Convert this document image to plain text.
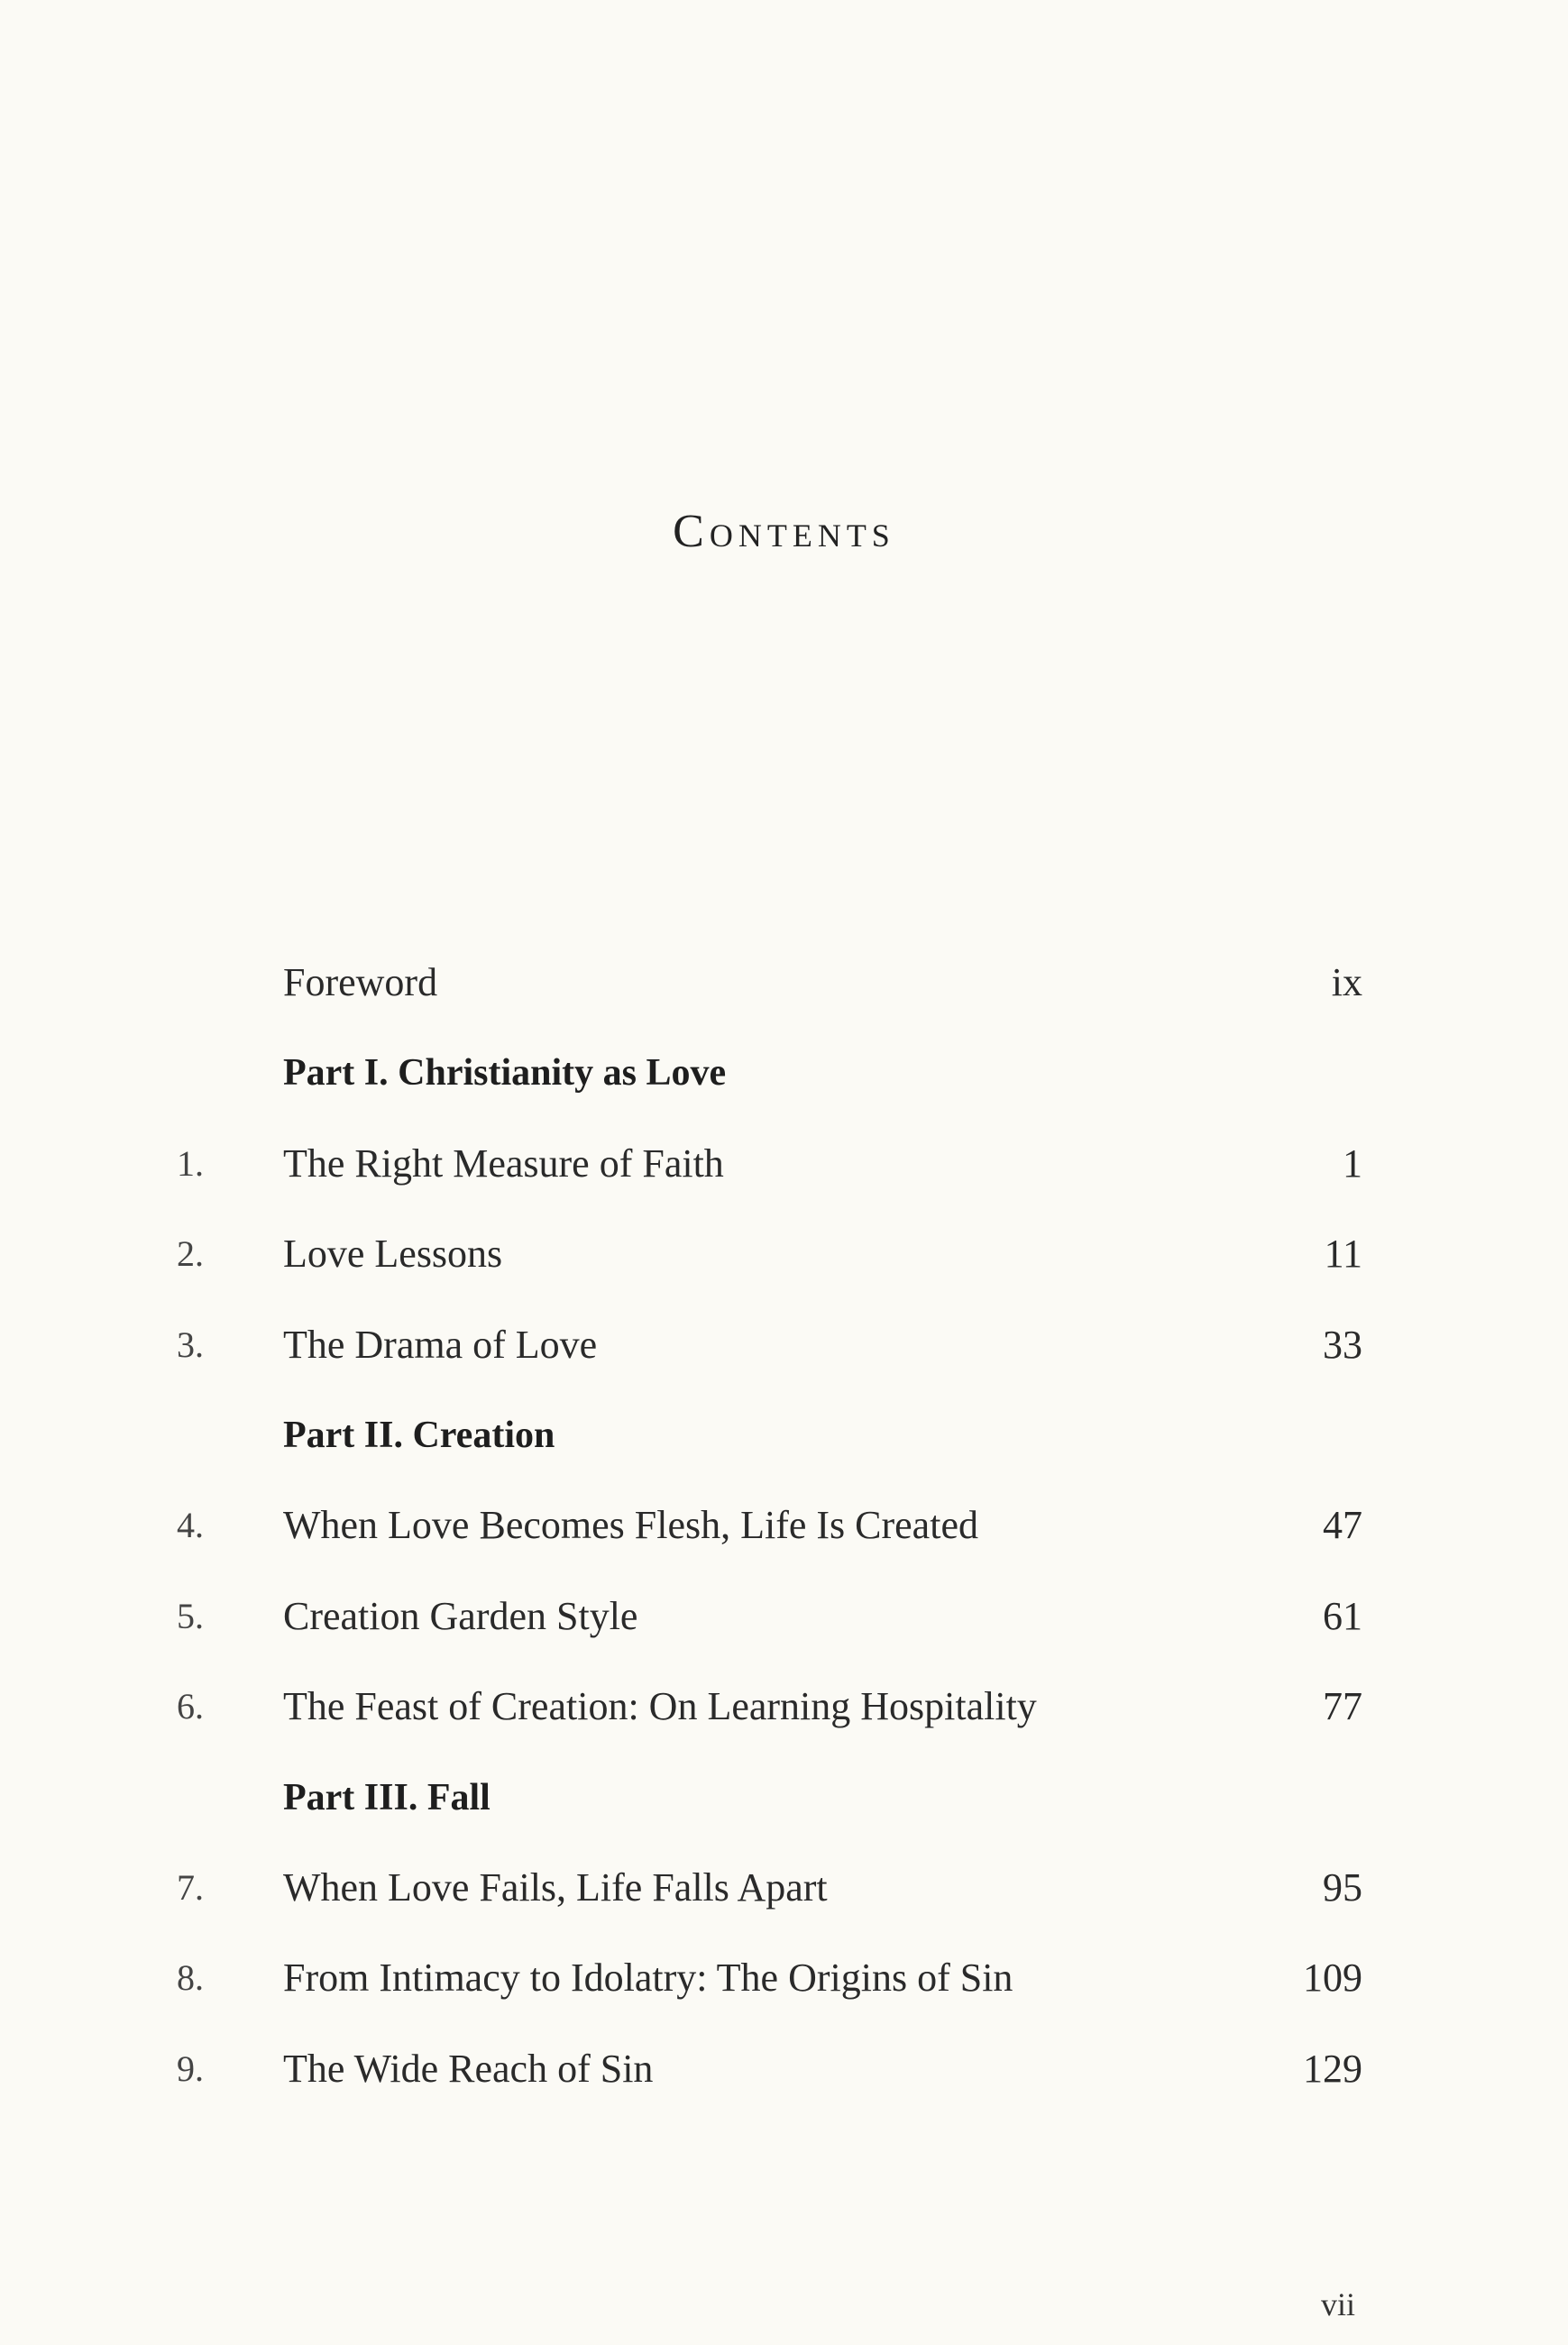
Contents
Foreword	ix
Part I. Christianity as Love
1.	The Right Measure of Faith	1
2.	Love Lessons	11
3.	The Drama of Love	33
Part II. Creation
4.	When Love Becomes Flesh, Life Is Created	47
5.	Creation Garden Style	61
6.	The Feast of Creation: On Learning Hospitality	77
Part III. Fall
7.	When Love Fails, Life Falls Apart	95
8.	From Intimacy to Idolatry: The Origins of Sin	109
9.	The Wide Reach of Sin	129
vii
